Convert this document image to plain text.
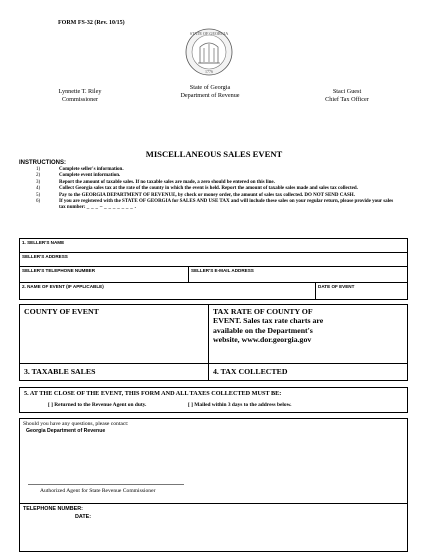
FORM FS-32 (Rev. 10/15)
STATE OF GEORGIA
1776
Lynnette T. Riley
Commissioner
State of Georgia
Department of Revenue
Staci Guest
Chief Tax Officer
MISCELLANEOUS SALES EVENT
INSTRUCTIONS:
1)	Complete seller's information.
2)	Complete event information.
3)	Report the amount of taxable sales. If no taxable sales are made, a zero should be entered on this line.
4)	Collect Georgia sales tax at the rate of the county in which the event is held. Report the amount of taxable sales made and sales tax collected.
5)	Pay to the GEORGIA DEPARTMENT OF REVENUE, by check or money order, the amount of sales tax collected. DO NOT SEND CASH.
6)	If you are registered with the STATE OF GEORGIA for SALES AND USE TAX and will include these sales on your regular return, please provide your sales tax number: _ _ _ – _ _ _ _ _ _ _ .
1. SELLER'S NAME
SELLER'S ADDRESS
SELLER'S TELEPHONE NUMBER	SELLER'S E-MAIL ADDRESS
2. NAME OF EVENT (IF APPLICABLE)	DATE OF EVENT
COUNTY OF EVENT	TAX RATE OF COUNTY OF EVENT. Sales tax rate charts are available on the Department's website, www.dor.georgia.gov
3. TAXABLE SALES	4. TAX COLLECTED
5. AT THE CLOSE OF THE EVENT, THIS FORM AND ALL TAXES COLLECTED MUST BE:
[ ] Returned to the Revenue Agent on duty.	[ ] Mailed within 3 days to the address below.
Should you have any questions, please contact:
Georgia Department of Revenue
Authorized Agent for State Revenue Commissioner
TELEPHONE NUMBER:
DATE:
